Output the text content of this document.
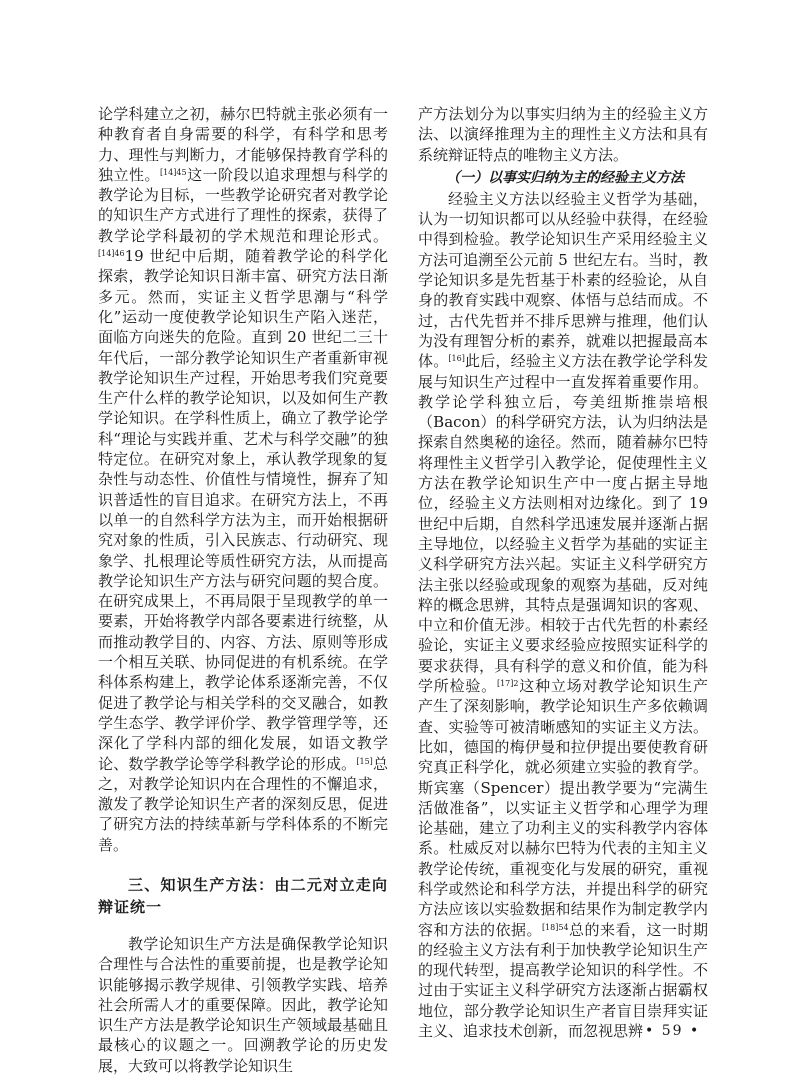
论学科建立之初，赫尔巴特就主张必须有一种教育者自身需要的科学，有科学和思考力、理性与判断力，才能够保持教育学科的独立性。$^{[14]45}$这一阶段以追求理想与科学的教学论为目标，一些教学论研究者对教学论的知识生产方式进行了理性的探索，获得了教学论学科最初的学术规范和理论形式。$^{[14]46}$19 世纪中后期，随着教学论的科学化探索，教学论知识日渐丰富、研究方法日渐多元。然而，实证主义哲学思潮与“科学化”运动一度使教学论知识生产陷入迷茫，面临方向迷失的危险。直到 20 世纪二三十年代后，一部分教学论知识生产者重新审视教学论知识生产过程，开始思考我们究竟要生产什么样的教学论知识，以及如何生产教学论知识。在学科性质上，确立了教学论学科“理论与实践并重、艺术与科学交融”的独特定位。在研究对象上，承认教学现象的复杂性与动态性、价值性与情境性，摒弃了知识普适性的盲目追求。在研究方法上，不再以单一的自然科学方法为主，而开始根据研究对象的性质，引入民族志、行动研究、现象学、扎根理论等质性研究方法，从而提高教学论知识生产方法与研究问题的契合度。在研究成果上，不再局限于呈现教学的单一要素，开始将教学内部各要素进行统整，从而推动教学目的、内容、方法、原则等形成一个相互关联、协同促进的有机系统。在学科体系构建上，教学论体系逐渐完善，不仅促进了教学论与相关学科的交叉融合，如教学生态学、教学评价学、教学管理学等，还深化了学科内部的细化发展，如语文教学论、数学教学论等学科教学论的形成。[15]总之，对教学论知识内在合理性的不懈追求，激发了教学论知识生产者的深刻反思，促进了研究方法的持续革新与学科体系的不断完善。

三、知识生产方法：由二元对立走向辩证统一

教学论知识生产方法是确保教学论知识合理性与合法性的重要前提，也是教学论知识能够揭示教学规律、引领教学实践、培养社会所需人才的重要保障。因此，教学论知识生产方法是教学论知识生产领域最基础且最核心的议题之一。回溯教学论的历史发展，大致可以将教学论知识生

产方法划分为以事实归纳为主的经验主义方法、以演绎推理为主的理性主义方法和具有系统辩证特点的唯物主义方法。

（一）以事实归纳为主的经验主义方法

经验主义方法以经验主义哲学为基础，认为一切知识都可以从经验中获得，在经验中得到检验。教学论知识生产采用经验主义方法可追溯至公元前 5 世纪左右。当时，教学论知识多是先哲基于朴素的经验论，从自身的教育实践中观察、体悟与总结而成。不过，古代先哲并不排斥思辨与推理，他们认为没有理智分析的素养，就难以把握最高本体。[16]此后，经验主义方法在教学论学科发展与知识生产过程中一直发挥着重要作用。教学论学科独立后，夸美纽斯推崇培根（Bacon）的科学研究方法，认为归纳法是探索自然奥秘的途径。然而，随着赫尔巴特将理性主义哲学引入教学论，促使理性主义方法在教学论知识生产中一度占据主导地位，经验主义方法则相对边缘化。到了 19 世纪中后期，自然科学迅速发展并逐渐占据主导地位，以经验主义哲学为基础的实证主义科学研究方法兴起。实证主义科学研究方法主张以经验或现象的观察为基础，反对纯粹的概念思辨，其特点是强调知识的客观、中立和价值无涉。相较于古代先哲的朴素经验论，实证主义要求经验应按照实证科学的要求获得，具有科学的意义和价值，能为科学所检验。$^{[17]2}$这种立场对教学论知识生产产生了深刻影响，教学论知识生产多依赖调查、实验等可被清晰感知的实证主义方法。比如，德国的梅伊曼和拉伊提出要使教育研究真正科学化，就必须建立实验的教育学。斯宾塞（Spencer）提出教学要为“完满生活做准备”，以实证主义哲学和心理学为理论基础，建立了功利主义的实科教学内容体系。杜威反对以赫尔巴特为代表的主知主义教学论传统，重视变化与发展的研究，重视科学或然论和科学方法，并提出科学的研究方法应该以实验数据和结果作为制定教学内容和方法的依据。$^{[18]54}$总的来看，这一时期的经验主义方法有利于加快教学论知识生产的现代转型，提高教学论知识的科学性。不过由于实证主义科学研究方法逐渐占据霸权地位，部分教学论知识生产者盲目崇拜实证主义、追求技术创新，而忽视思辨 • 59 •
